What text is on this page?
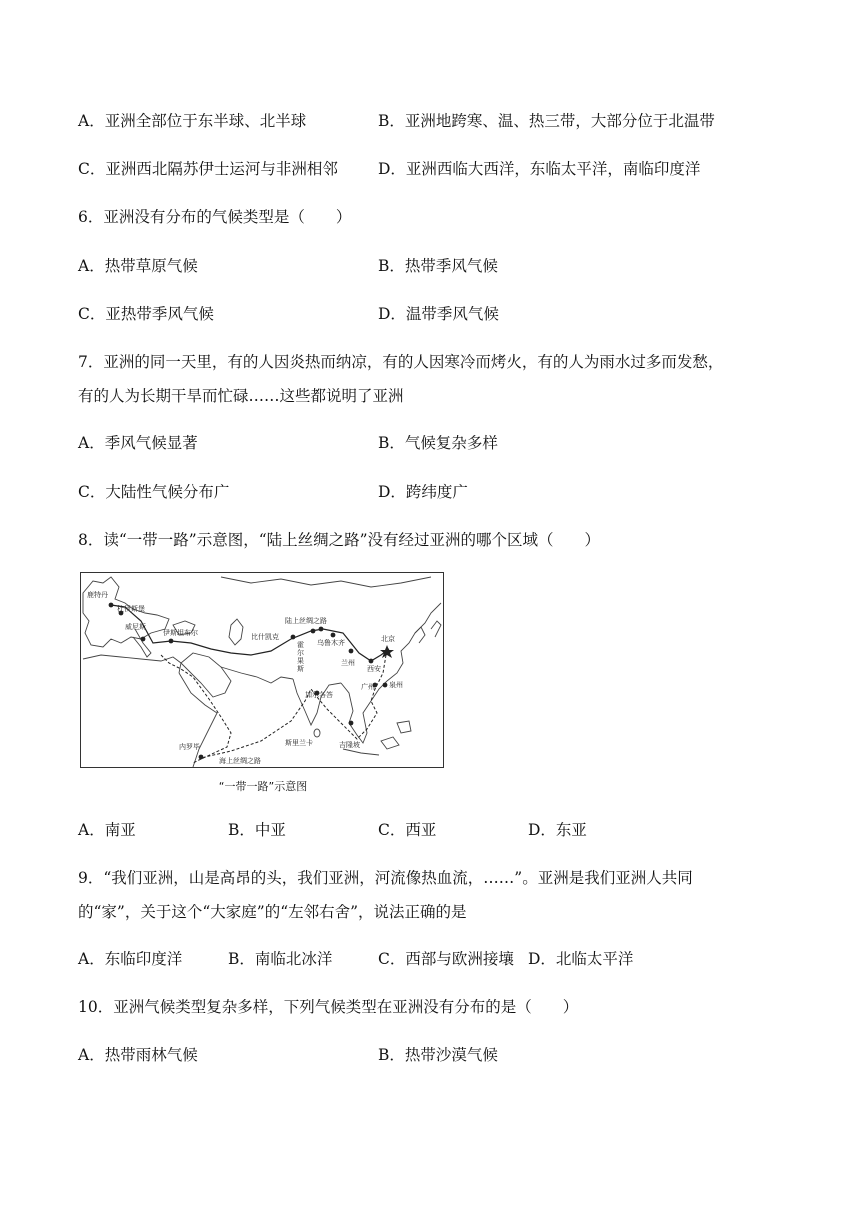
A．亚洲全部位于东半球、北半球	B．亚洲地跨寒、温、热三带，大部分位于北温带
C．亚洲西北隔苏伊士运河与非洲相邻	D．亚洲西临大西洋，东临太平洋，南临印度洋
6．亚洲没有分布的气候类型是（　　）
A．热带草原气候	B．热带季风气候
C．亚热带季风气候	D．温带季风气候
7．亚洲的同一天里，有的人因炎热而纳凉，有的人因寒冷而烤火，有的人为雨水过多而发愁，
有的人为长期干旱而忙碌……这些都说明了亚洲
A．季风气候显著	B．气候复杂多样
C．大陆性气候分布广	D．跨纬度广
8．读“一带一路”示意图，“陆上丝绸之路”没有经过亚洲的哪个区域（　　）
鹿特丹
杜伊斯堡
威尼斯
伊斯坦布尔
陆上丝绸之路
比什凯克
霍
尔
果
斯
乌鲁木齐	北京
兰州
西安
加尔各答
广州 泉州
斯里兰卡	吉隆坡
内罗毕
海上丝绸之路
“一带一路”示意图
A．南亚	B．中亚	C．西亚	D．东亚
9．“我们亚洲，山是高昂的头，我们亚洲，河流像热血流，……”。亚洲是我们亚洲人共同
的“家”，关于这个“大家庭”的“左邻右舍”，说法正确的是
A．东临印度洋	B．南临北冰洋	C．西部与欧洲接壤 D．北临太平洋
10．亚洲气候类型复杂多样，下列气候类型在亚洲没有分布的是（　　）
A．热带雨林气候	B．热带沙漠气候
